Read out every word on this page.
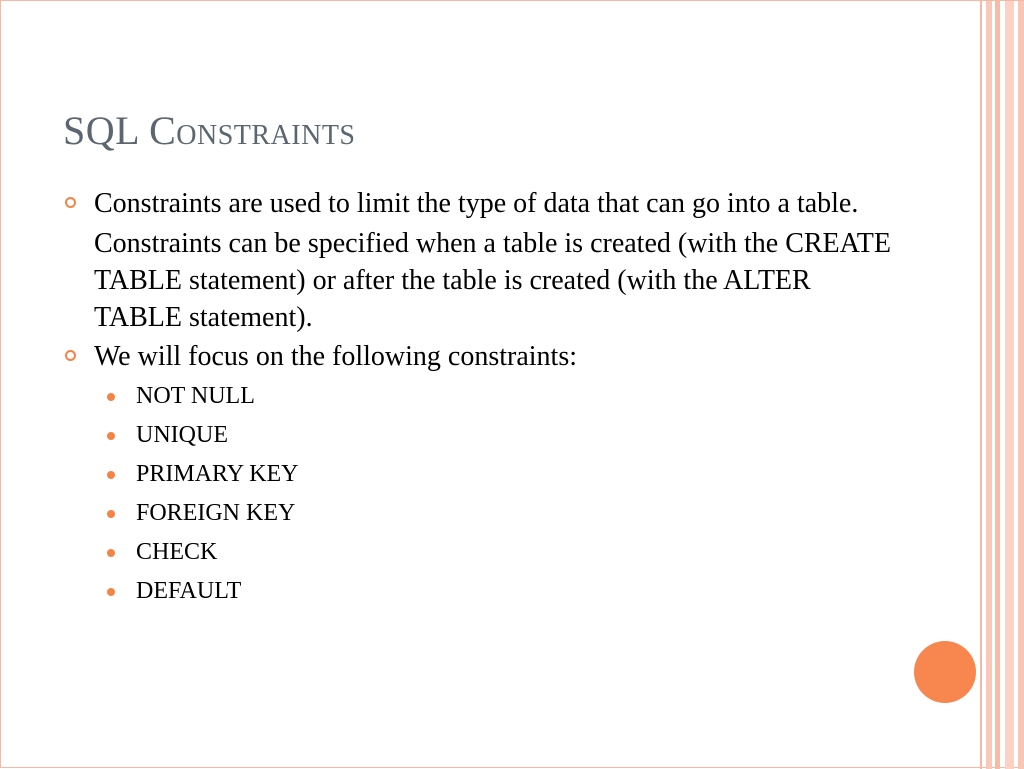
SQL Constraints
Constraints are used to limit the type of data that can go into a table.
Constraints can be specified when a table is created (with the CREATE TABLE statement) or after the table is created (with the ALTER TABLE statement).
We will focus on the following constraints:
NOT NULL
UNIQUE
PRIMARY KEY
FOREIGN KEY
CHECK
DEFAULT
